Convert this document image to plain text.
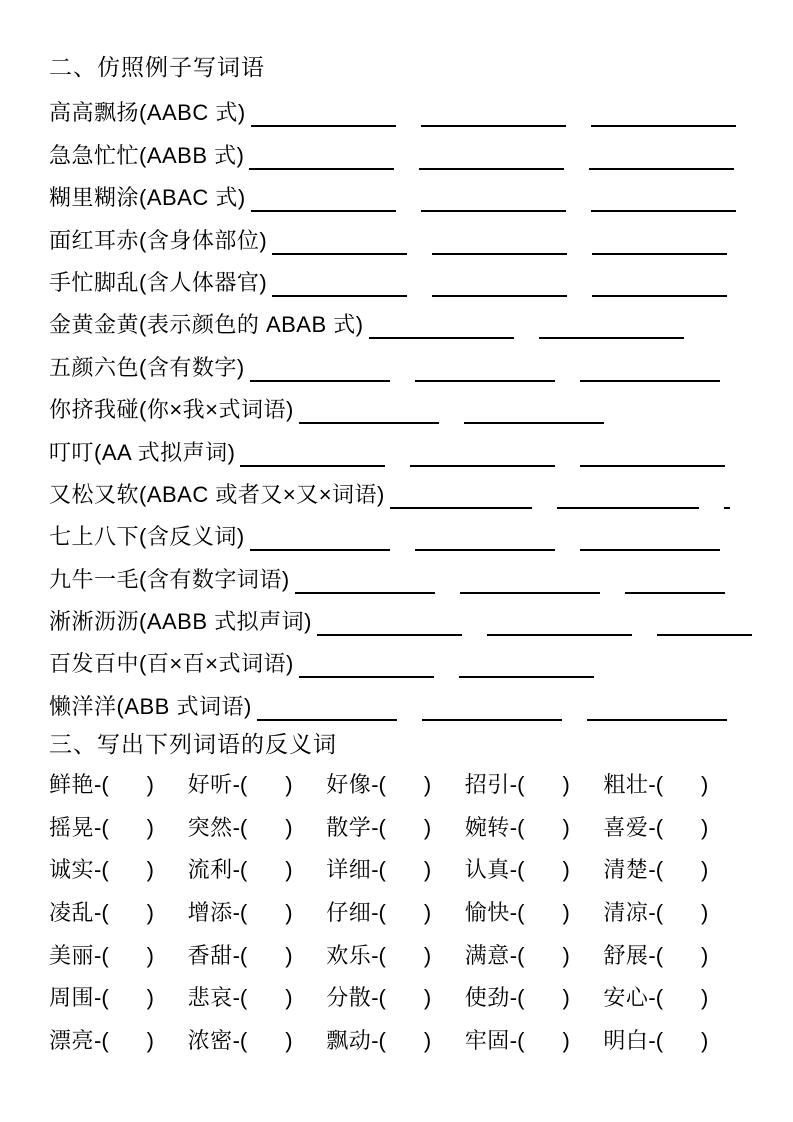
二、仿照例子写词语
高高飘扬(AABC 式)
急急忙忙(AABB 式)
糊里糊涂(ABAC 式)
面红耳赤(含身体部位)
手忙脚乱(含人体器官)
金黄金黄(表示颜色的 ABAB 式)
五颜六色(含有数字)
你挤我碰(你×我×式词语)
叮叮(AA 式拟声词)
又松又软(ABAC 或者又×又×词语)
七上八下(含反义词)
九牛一毛(含有数字词语)
淅淅沥沥(AABB 式拟声词)
百发百中(百×百×式词语)
懒洋洋(ABB 式词语)
三、写出下列词语的反义词
鲜艳 -( ) 好听 -( ) 好像 -( ) 招引 -( ) 粗壮 -( )
摇晃 -( ) 突然 -( ) 散学 -( ) 婉转 -( ) 喜爱 -( )
诚实 -( ) 流利 -( ) 详细 -( ) 认真 -( ) 清楚 -( )
凌乱 -( ) 增添 -( ) 仔细 -( ) 愉快 -( ) 清凉 -( )
美丽 -( ) 香甜 -( ) 欢乐 -( ) 满意 -( ) 舒展 -( )
周围 -( ) 悲哀 -( ) 分散 -( ) 使劲 -( ) 安心 -( )
漂亮 -( ) 浓密 -( ) 飘动 -( ) 牢固 -( ) 明白 -( )
